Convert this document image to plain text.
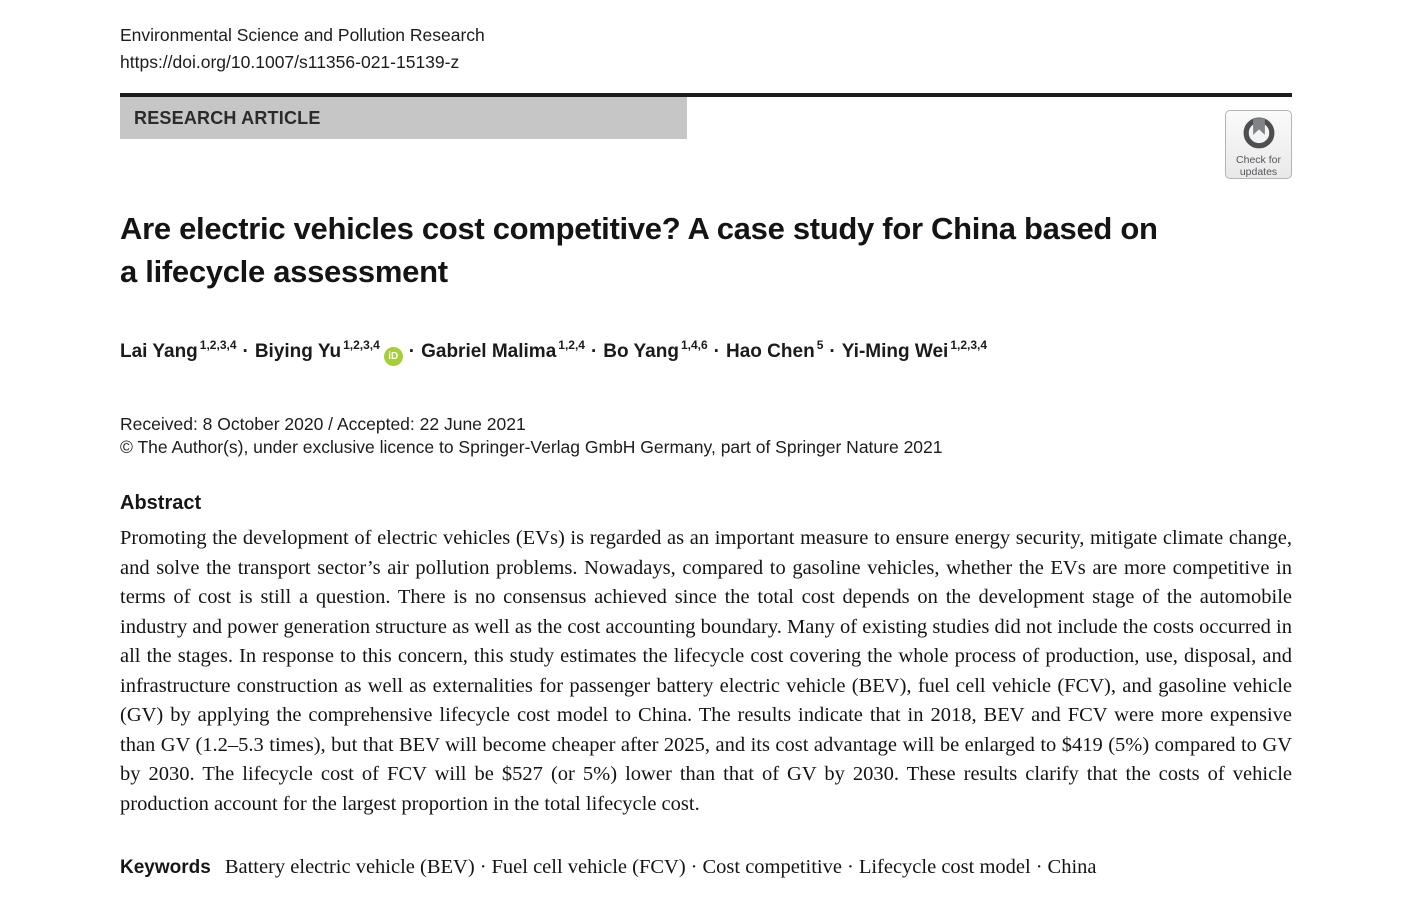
Environmental Science and Pollution Research
https://doi.org/10.1007/s11356-021-15139-z
RESEARCH ARTICLE
Check for
updates
Are electric vehicles cost competitive? A case study for China based on a lifecycle assessment
Lai Yang $^{1,2,3,4}$ · Biying Yu $^{1,2,3,4}$iD · Gabriel Malima $^{1,2,4}$ · Bo Yang $^{1,4,6}$ · Hao Chen $^5$ · Yi-Ming Wei $^{1,2,3,4}$
Received: 8 October 2020 / Accepted: 22 June 2021
© The Author(s), under exclusive licence to Springer-Verlag GmbH Germany, part of Springer Nature 2021
Abstract
Promoting the development of electric vehicles (EVs) is regarded as an important measure to ensure energy security, mitigate climate change, and solve the transport sector’s air pollution problems. Nowadays, compared to gasoline vehicles, whether the EVs are more competitive in terms of cost is still a question. There is no consensus achieved since the total cost depends on the development stage of the automobile industry and power generation structure as well as the cost accounting boundary. Many of existing studies did not include the costs occurred in all the stages. In response to this concern, this study estimates the lifecycle cost covering the whole process of production, use, disposal, and infrastructure construction as well as externalities for passenger battery electric vehicle (BEV), fuel cell vehicle (FCV), and gasoline vehicle (GV) by applying the comprehensive lifecycle cost model to China. The results indicate that in 2018, BEV and FCV were more expensive than GV (1.2–5.3 times), but that BEV will become cheaper after 2025, and its cost advantage will be enlarged to $419 (5%) compared to GV by 2030. The lifecycle cost of FCV will be $527 (or 5%) lower than that of GV by 2030. These results clarify that the costs of vehicle production account for the largest proportion in the total lifecycle cost.
Keywords Battery electric vehicle (BEV) · Fuel cell vehicle (FCV) · Cost competitive · Lifecycle cost model · China
